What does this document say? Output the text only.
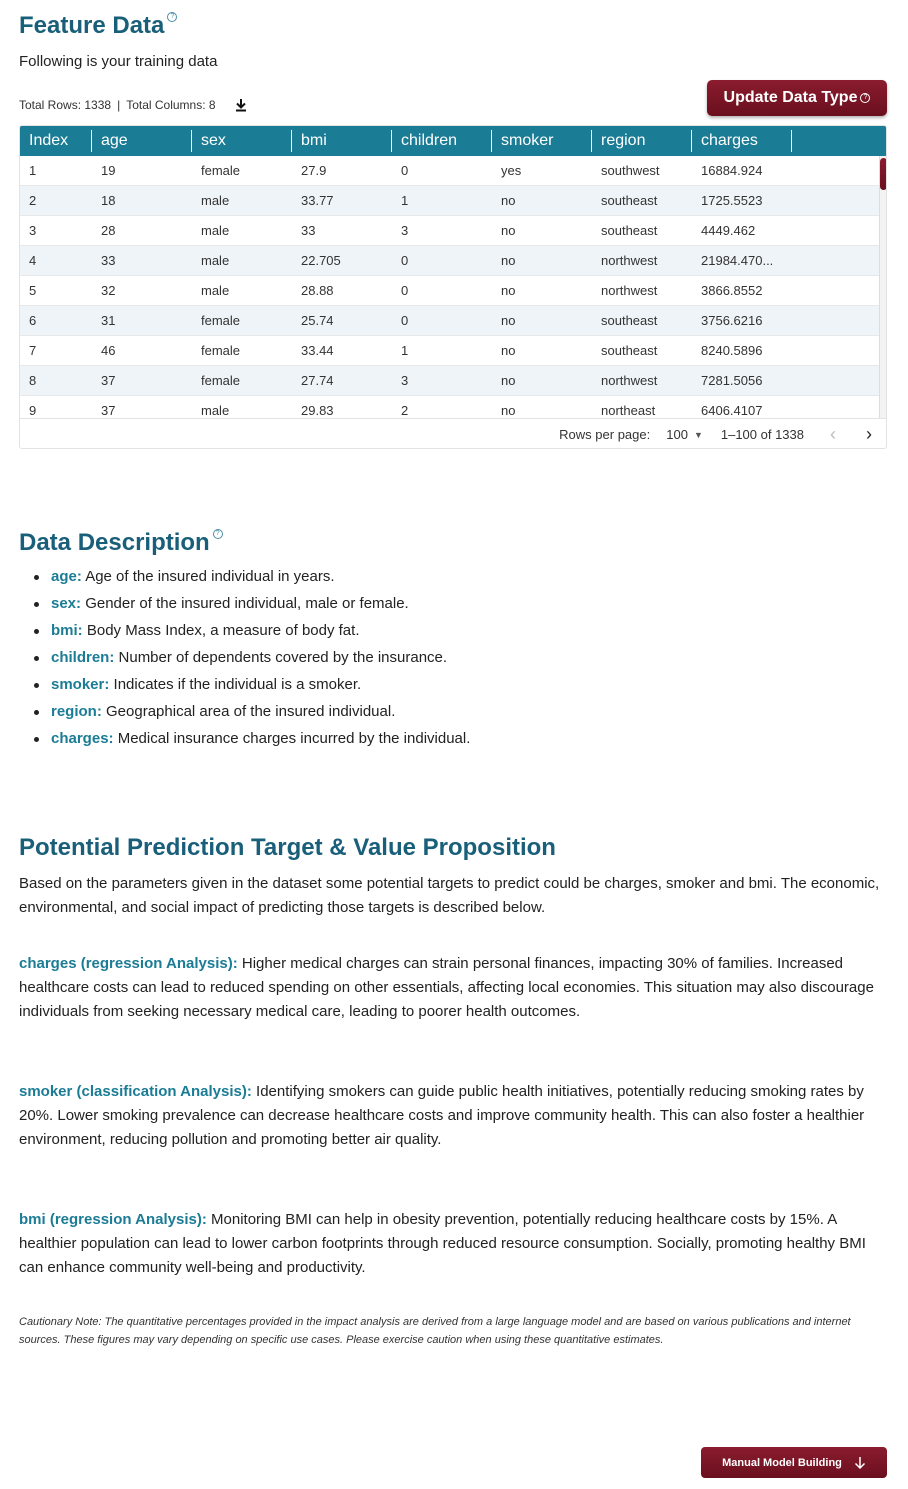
Feature Data ?
Following is your training data
Total Rows: 1338 | Total Columns: 8	Update Data Type ?
Index	age	sex	bmi	children	smoker	region	charges
1	19	female	27.9	0	yes	southwest	16884.924
2	18	male	33.77	1	no	southeast	1725.5523
3	28	male	33	3	no	southeast	4449.462
4	33	male	22.705	0	no	northwest	21984.470...
5	32	male	28.88	0	no	northwest	3866.8552
6	31	female	25.74	0	no	southeast	3756.6216
7	46	female	33.44	1	no	southeast	8240.5896
8	37	female	27.74	3	no	northwest	7281.5056
9	37	male	29.83	2	no	northeast	6406.4107
Rows per page: 100 ▼ 1–100 of 1338 ‹ ›
Data Description ?
age: Age of the insured individual in years.
sex: Gender of the insured individual, male or female.
bmi: Body Mass Index, a measure of body fat.
children: Number of dependents covered by the insurance.
smoker: Indicates if the individual is a smoker.
region: Geographical area of the insured individual.
charges: Medical insurance charges incurred by the individual.
Potential Prediction Target & Value Proposition
Based on the parameters given in the dataset some potential targets to predict could be charges, smoker and bmi. The economic, environmental, and social impact of predicting those targets is described below.
charges (regression Analysis): Higher medical charges can strain personal finances, impacting 30% of families. Increased healthcare costs can lead to reduced spending on other essentials, affecting local economies. This situation may also discourage individuals from seeking necessary medical care, leading to poorer health outcomes.
smoker (classification Analysis): Identifying smokers can guide public health initiatives, potentially reducing smoking rates by 20%. Lower smoking prevalence can decrease healthcare costs and improve community health. This can also foster a healthier environment, reducing pollution and promoting better air quality.
bmi (regression Analysis): Monitoring BMI can help in obesity prevention, potentially reducing healthcare costs by 15%. A healthier population can lead to lower carbon footprints through reduced resource consumption. Socially, promoting healthy BMI can enhance community well-being and productivity.
Cautionary Note: The quantitative percentages provided in the impact analysis are derived from a large language model and are based on various publications and internet sources. These figures may vary depending on specific use cases. Please exercise caution when using these quantitative estimates.
Manual Model Building
